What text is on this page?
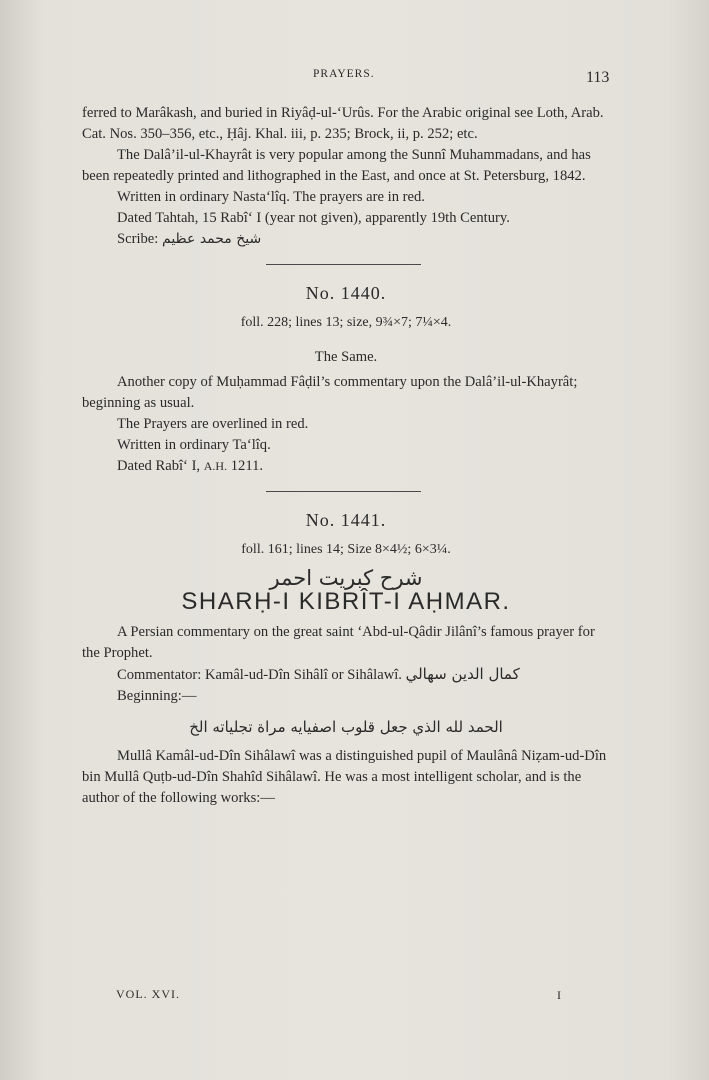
PRAYERS.	113

ferred to Marâkash, and buried in Riyâḍ-ul-‘Urûs. For the Arabic original see Loth, Arab. Cat. Nos. 350–356, etc., Ḥâj. Khal. iii, p. 235; Brock, ii, p. 252; etc.

The Dalâ’il-ul-Khayrât is very popular among the Sunnî Muhammadans, and has been repeatedly printed and lithographed in the East, and once at St. Petersburg, 1842.

Written in ordinary Nasta‘lîq. The prayers are in red.

Dated Tahtah, 15 Rabî‘ I (year not given), apparently 19th Century.

Scribe: شیخ محمد عظیم

No. 1440.
foll. 228; lines 13; size, 9¾×7; 7¼×4.
The Same.

Another copy of Muḥammad Fâḍil’s commentary upon the Dalâ’il-ul-Khayrât; beginning as usual.

The Prayers are overlined in red.

Written in ordinary Ta‘lîq.

Dated Rabî‘ I, A.H. 1211.

No. 1441.
foll. 161; lines 14; Size 8×4½; 6×3¼.
شرح کبریت احمر
SHARḤ-I KIBRÎT-I AḤMAR.

A Persian commentary on the great saint ‘Abd-ul-Qâdir Jilânî’s famous prayer for the Prophet.

Commentator: Kamâl-ud-Dîn Sihâlî or Sihâlawî. كمال الدين سهالي

Beginning:—

الحمد لله الذي جعل قلوب اصفيايه مراة تجلياته الخ

Mullâ Kamâl-ud-Dîn Sihâlawî was a distinguished pupil of Maulânâ Niẓam-ud-Dîn bin Mullâ Quṭb-ud-Dîn Shahîd Sihâlawî. He was a most intelligent scholar, and is the author of the following works:—

VOL. XVI.	I
